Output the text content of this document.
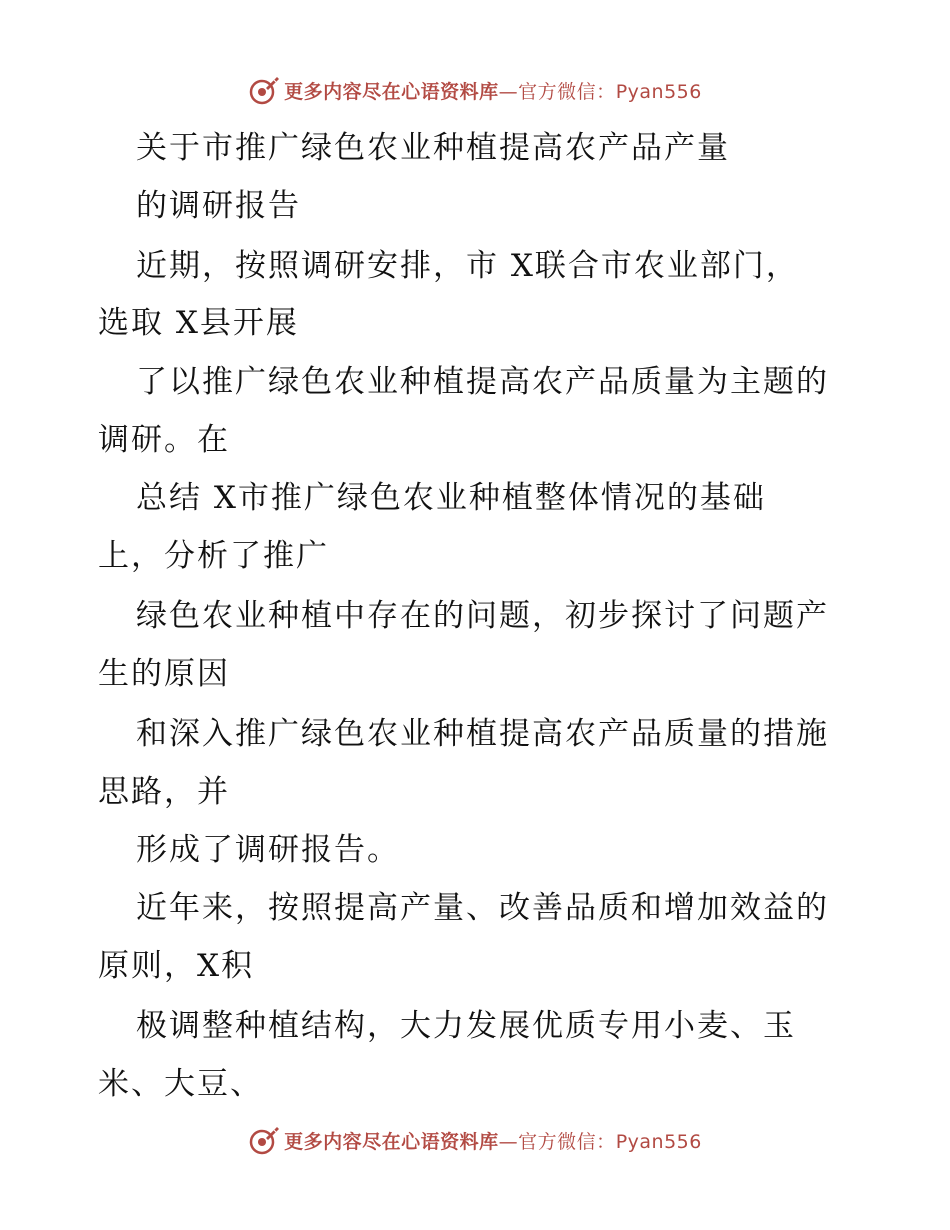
更多内容尽在心语资料库—官方微信：Pyan556
关于市推广绿色农业种植提高农产品产量
的调研报告
近期，按照调研安排，市 X联合市农业部门，
选取 X县开展
了以推广绿色农业种植提高农产品质量为主题的
调研。在
总结 X市推广绿色农业种植整体情况的基础
上，分析了推广
绿色农业种植中存在的问题，初步探讨了问题产
生的原因
和深入推广绿色农业种植提高农产品质量的措施
思路，并
形成了调研报告。
近年来，按照提高产量、改善品质和增加效益的
原则，X积
极调整种植结构，大力发展优质专用小麦、玉
米、大豆、
更多内容尽在心语资料库—官方微信：Pyan556
